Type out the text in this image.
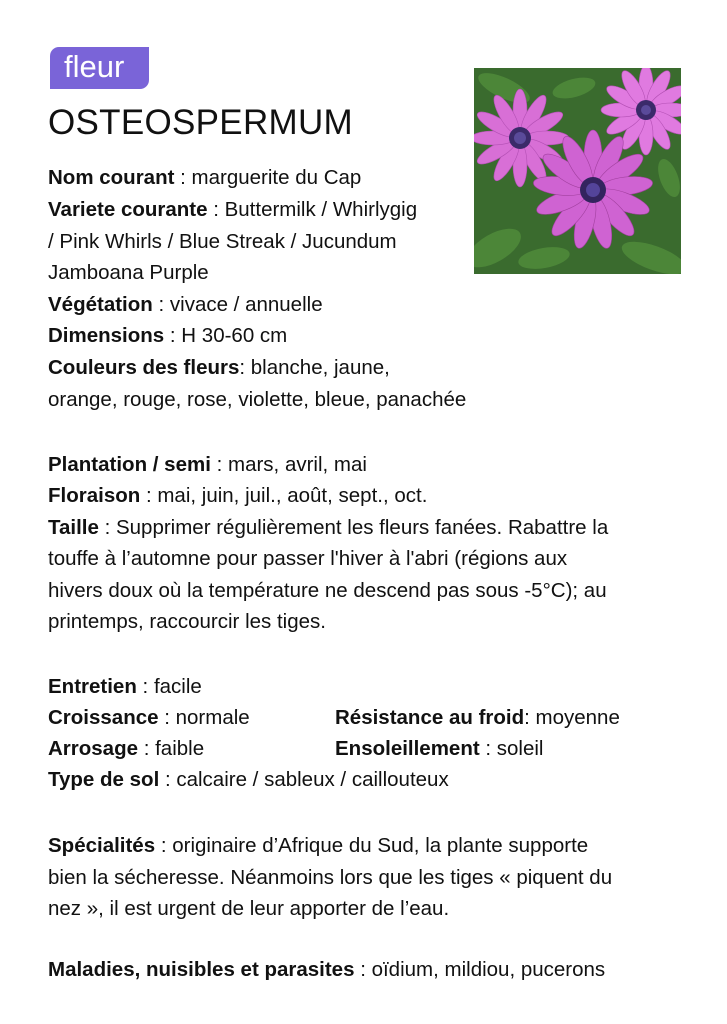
fleur
OSTEOSPERMUM
Nom courant : marguerite du Cap
Variete courante : Buttermilk / Whirlygig
/ Pink Whirls / Blue Streak / Jucundum
Jamboana Purple
Végétation : vivace / annuelle
Dimensions : H 30-60 cm
Couleurs des fleurs: blanche, jaune,
orange, rouge, rose, violette, bleue, panachée
Plantation / semi : mars, avril, mai
Floraison : mai, juin, juil., août, sept., oct.
Taille : Supprimer régulièrement les fleurs fanées. Rabattre la
touffe à l’automne pour passer l'hiver à l'abri (régions aux
hivers doux où la température ne descend pas sous -5°C); au
printemps, raccourcir les tiges.
Entretien : facile
Croissance : normale	Résistance au froid: moyenne
Arrosage : faible	Ensoleillement : soleil
Type de sol : calcaire / sableux / caillouteux
Spécialités : originaire d’Afrique du Sud, la plante supporte
bien la sécheresse. Néanmoins lors que les tiges « piquent du
nez », il est urgent de leur apporter de l’eau.
Maladies, nuisibles et parasites : oïdium, mildiou, pucerons
